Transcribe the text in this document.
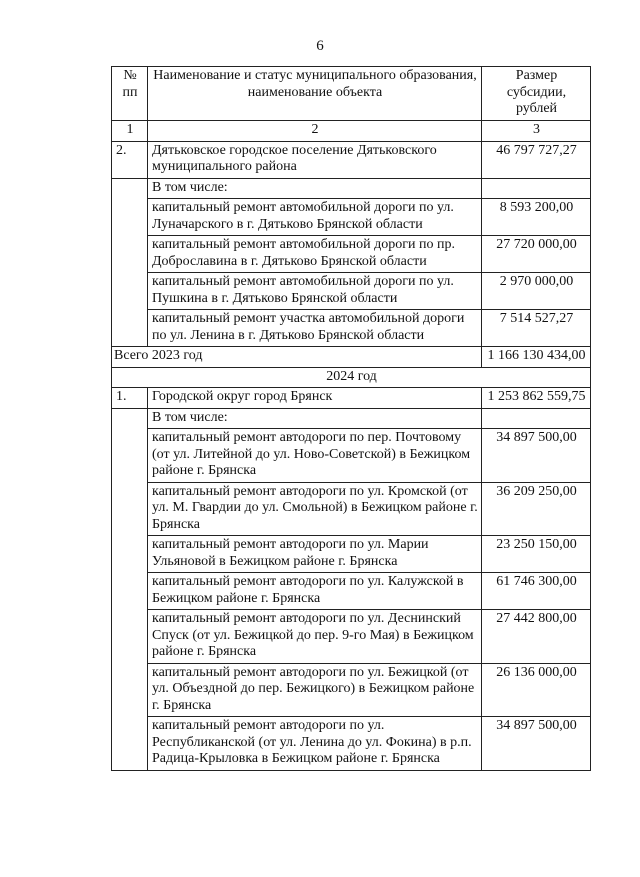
6
№ пп	Наименование и статус муниципального образования, наименование объекта	Размер субсидии, рублей
1	2	3
2.	Дятьковское городское поселение Дятьковского муниципального района	46 797 727,27
	В том числе:	
	капитальный ремонт автомобильной дороги по ул. Луначарского в г. Дятьково Брянской области	8 593 200,00
	капитальный ремонт автомобильной дороги по пр. Доброславина в г. Дятьково Брянской области	27 720 000,00
	капитальный ремонт автомобильной дороги по ул. Пушкина в г. Дятьково Брянской области	2 970 000,00
	капитальный ремонт участка автомобильной дороги по ул. Ленина в г. Дятьково Брянской области	7 514 527,27
Всего 2023 год		1 166 130 434,00
2024 год		
1.	Городской округ город Брянск	1 253 862 559,75
	В том числе:	
	капитальный ремонт автодороги по пер. Почтовому (от ул. Литейной до ул. Ново-Советской) в Бежицком районе г. Брянска	34 897 500,00
	капитальный ремонт автодороги по ул. Кромской (от ул. М. Гвардии до ул. Смольной) в Бежицком районе г. Брянска	36 209 250,00
	капитальный ремонт автодороги по ул. Марии Ульяновой в Бежицком районе г. Брянска	23 250 150,00
	капитальный ремонт автодороги по ул. Калужской в Бежицком районе г. Брянска	61 746 300,00
	капитальный ремонт автодороги по ул. Деснинский Спуск (от ул. Бежицкой до пер. 9-го Мая) в Бежицком районе г. Брянска	27 442 800,00
	капитальный ремонт автодороги по ул. Бежицкой (от ул. Объездной до пер. Бежицкого) в Бежицком районе г. Брянска	26 136 000,00
	капитальный ремонт автодороги по ул. Республиканской (от ул. Ленина до ул. Фокина) в р.п. Радица-Крыловка в Бежицком районе г. Брянска	34 897 500,00
